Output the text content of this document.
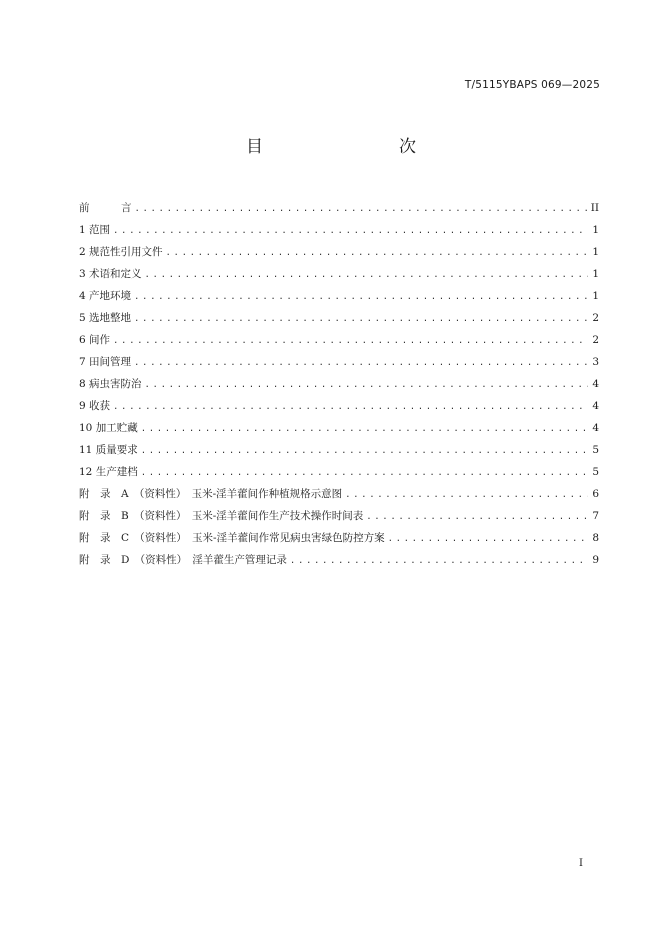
T/5115YBAPS 069—2025
目　　次
前　　　言 .....	II
1 范围 .....	1
2 规范性引用文件 .....	1
3 术语和定义 .....	1
4 产地环境 .....	1
5 选地整地 .....	2
6 间作 .....	2
7 田间管理 .....	3
8 病虫害防治 .....	4
9 收获 .....	4
10 加工贮藏 .....	4
11 质量要求 .....	5
12 生产建档 .....	5
附　录　A　（资料性）　玉米-淫羊藿间作种植规格示意图 .....	6
附　录　B　（资料性）　玉米-淫羊藿间作生产技术操作时间表 .....	7
附　录　C　（资料性）　玉米-淫羊藿间作常见病虫害绿色防控方案 .....	8
附　录　D　（资料性）　淫羊藿生产管理记录 .....	9
I
